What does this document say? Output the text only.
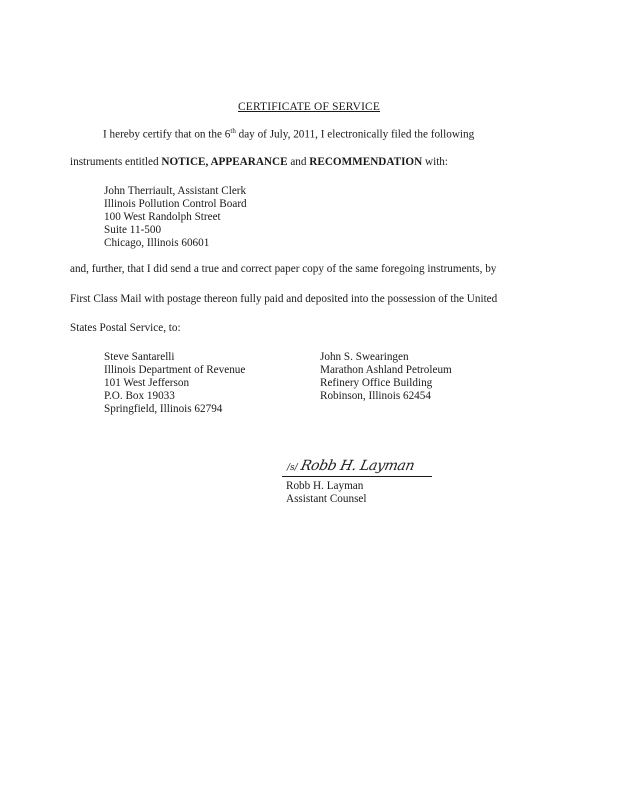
CERTIFICATE OF SERVICE
I hereby certify that on the 6th day of July, 2011, I electronically filed the following
instruments entitled NOTICE, APPEARANCE and RECOMMENDATION with:
John Therriault, Assistant Clerk
Illinois Pollution Control Board
100 West Randolph Street
Suite 11-500
Chicago, Illinois 60601
and, further, that I did send a true and correct paper copy of the same foregoing instruments, by
First Class Mail with postage thereon fully paid and deposited into the possession of the United
States Postal Service, to:
Steve Santarelli
Illinois Department of Revenue
101 West Jefferson
P.O. Box 19033
Springfield, Illinois 62794
John S. Swearingen
Marathon Ashland Petroleum
Refinery Office Building
Robinson, Illinois 62454
/s/Robb H. Layman
Robb H. Layman
Assistant Counsel
